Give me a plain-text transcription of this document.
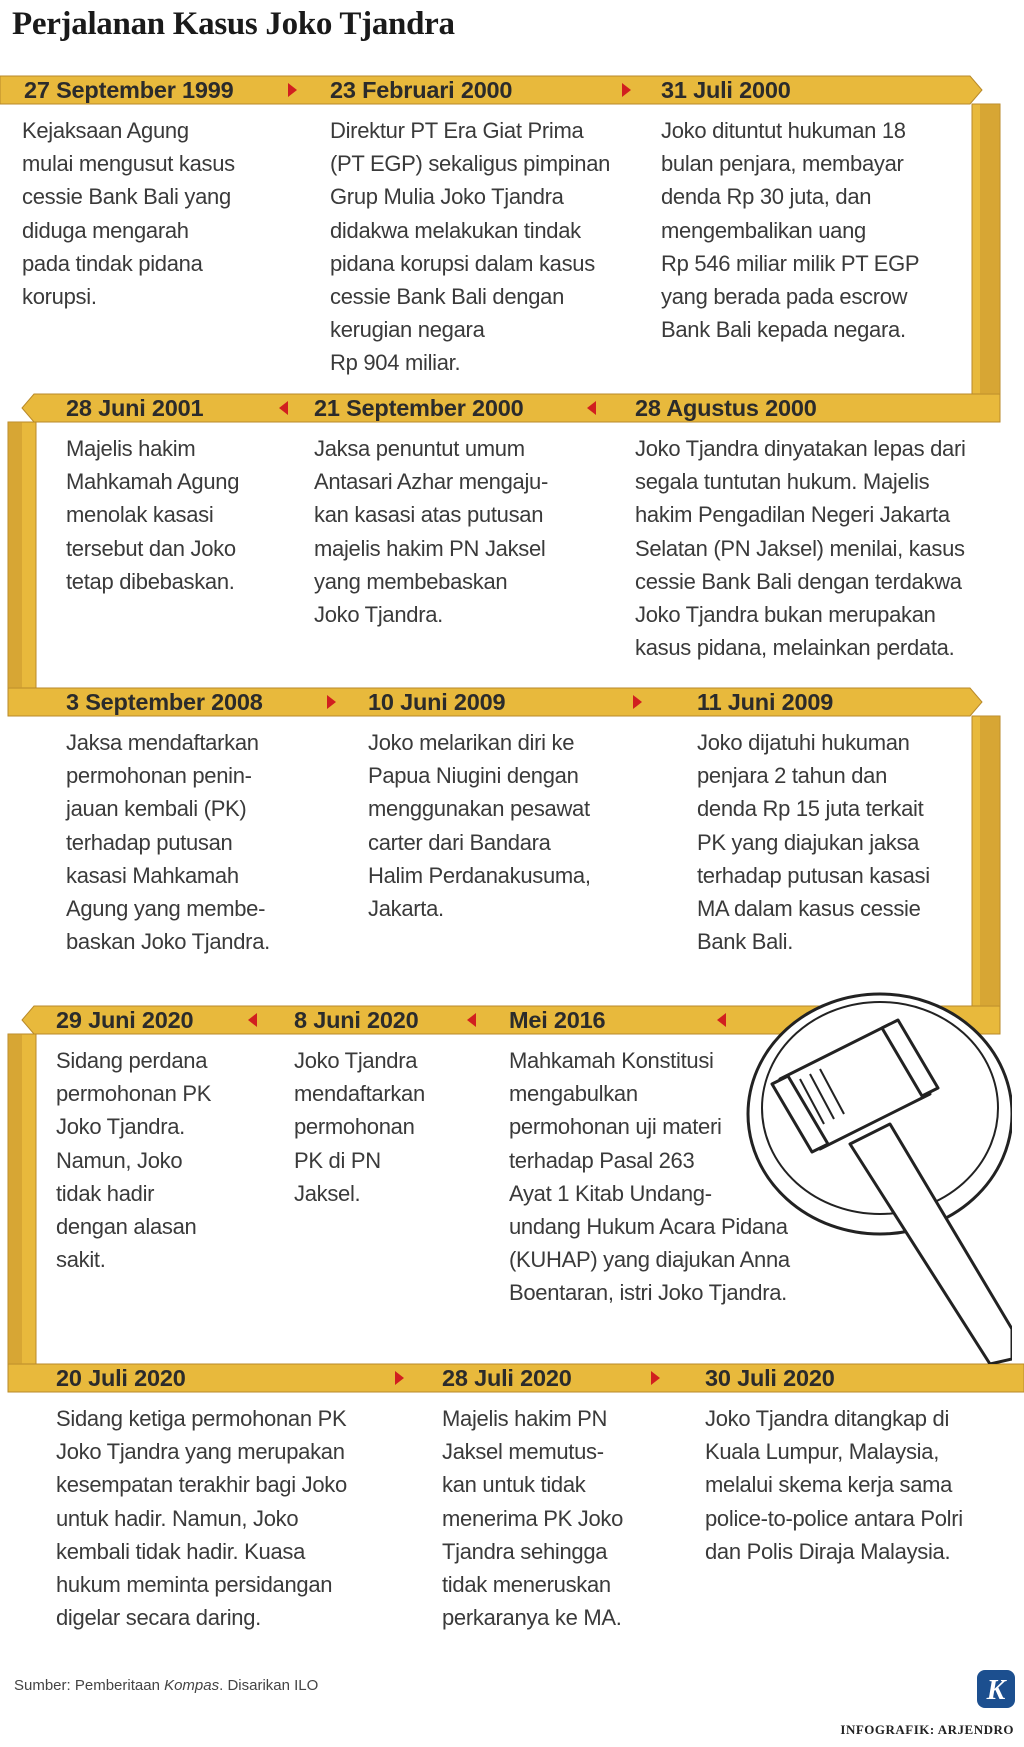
Perjalanan Kasus Joko Tjandra
27 September 1999	23 Februari 2000	31 Juli 2000
Kejaksaan Agung
mulai mengusut kasus
cessie Bank Bali yang
diduga mengarah
pada tindak pidana
korupsi.
Direktur PT Era Giat Prima
(PT EGP) sekaligus pimpinan
Grup Mulia Joko Tjandra
didakwa melakukan tindak
pidana korupsi dalam kasus
cessie Bank Bali dengan
kerugian negara
Rp 904 miliar.
Joko dituntut hukuman 18
bulan penjara, membayar
denda Rp 30 juta, dan
mengembalikan uang
Rp 546 miliar milik PT EGP
yang berada pada escrow
Bank Bali kepada negara.
28 Juni 2001	21 September 2000	28 Agustus 2000
Majelis hakim
Mahkamah Agung
menolak kasasi
tersebut dan Joko
tetap dibebaskan.
Jaksa penuntut umum
Antasari Azhar mengaju-
kan kasasi atas putusan
majelis hakim PN Jaksel
yang membebaskan
Joko Tjandra.
Joko Tjandra dinyatakan lepas dari
segala tuntutan hukum. Majelis
hakim Pengadilan Negeri Jakarta
Selatan (PN Jaksel) menilai, kasus
cessie Bank Bali dengan terdakwa
Joko Tjandra bukan merupakan
kasus pidana, melainkan perdata.
3 September 2008	10 Juni 2009	11 Juni 2009
Jaksa mendaftarkan
permohonan penin-
jauan kembali (PK)
terhadap putusan
kasasi Mahkamah
Agung yang membe-
baskan Joko Tjandra.
Joko melarikan diri ke
Papua Niugini dengan
menggunakan pesawat
carter dari Bandara
Halim Perdanakusuma,
Jakarta.
Joko dijatuhi hukuman
penjara 2 tahun dan
denda Rp 15 juta terkait
PK yang diajukan jaksa
terhadap putusan kasasi
MA dalam kasus cessie
Bank Bali.
29 Juni 2020	8 Juni 2020	Mei 2016
Sidang perdana
permohonan PK
Joko Tjandra.
Namun, Joko
tidak hadir
dengan alasan
sakit.
Joko Tjandra
mendaftarkan
permohonan
PK di PN
Jaksel.
Mahkamah Konstitusi
mengabulkan
permohonan uji materi
terhadap Pasal 263
Ayat 1 Kitab Undang-
undang Hukum Acara Pidana
(KUHAP) yang diajukan Anna
Boentaran, istri Joko Tjandra.
20 Juli 2020	28 Juli 2020	30 Juli 2020
Sidang ketiga permohonan PK
Joko Tjandra yang merupakan
kesempatan terakhir bagi Joko
untuk hadir. Namun, Joko
kembali tidak hadir. Kuasa
hukum meminta persidangan
digelar secara daring.
Majelis hakim PN
Jaksel memutus-
kan untuk tidak
menerima PK Joko
Tjandra sehingga
tidak meneruskan
perkaranya ke MA.
Joko Tjandra ditangkap di
Kuala Lumpur, Malaysia,
melalui skema kerja sama
police-to-police antara Polri
dan Polis Diraja Malaysia.
Sumber: Pemberitaan Kompas. Disarikan ILO	K
INFOGRAFIK: ARJENDRO
